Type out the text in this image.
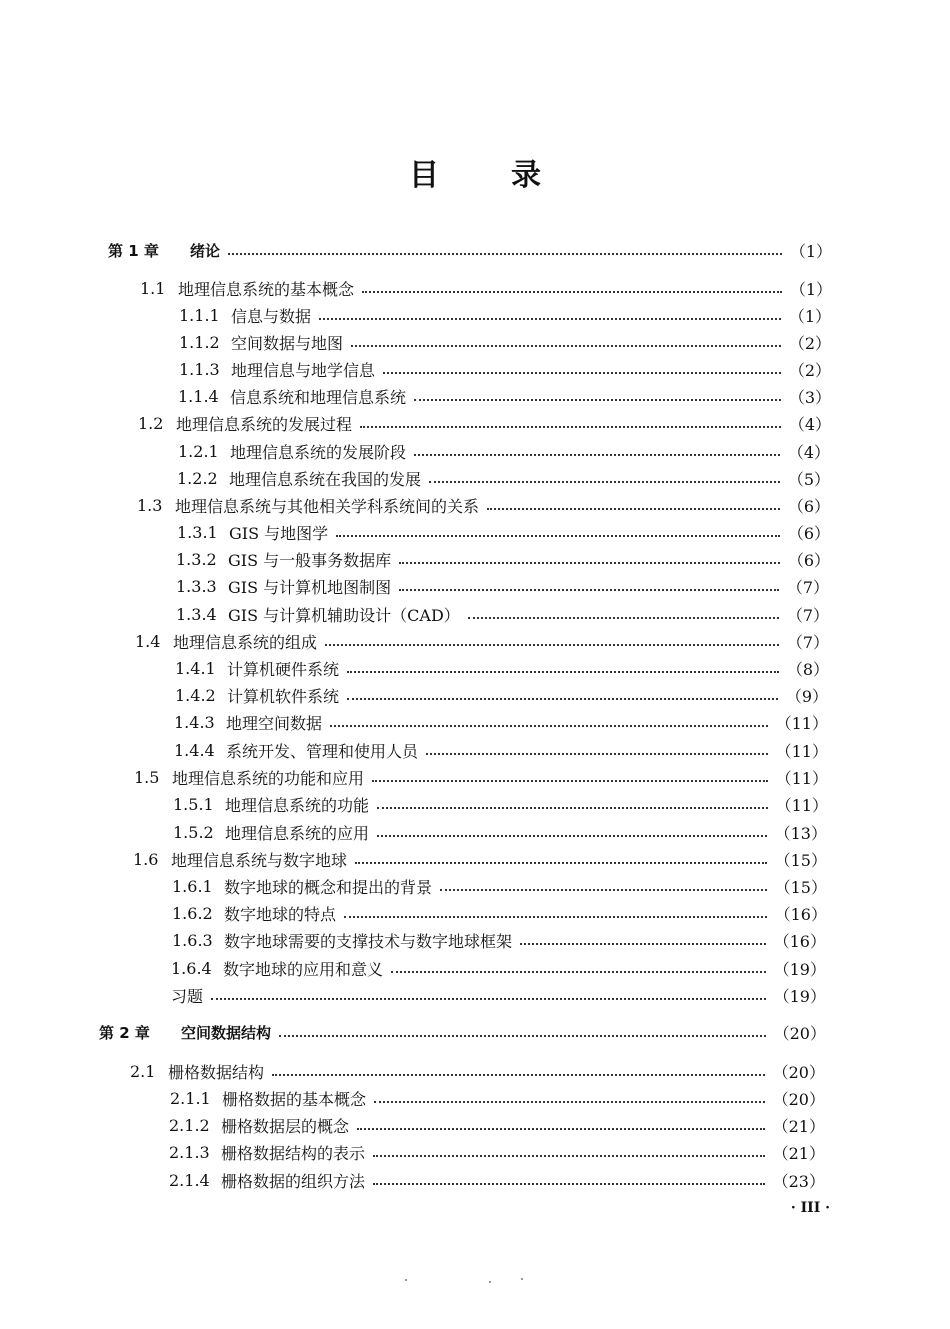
目 录
第 1 章	绪论	（1）
1.1 地理信息系统的基本概念	（1）
1.1.1 信息与数据	（1）
1.1.2 空间数据与地图	（2）
1.1.3 地理信息与地学信息	（2）
1.1.4 信息系统和地理信息系统	（3）
1.2 地理信息系统的发展过程	（4）
1.2.1 地理信息系统的发展阶段	（4）
1.2.2 地理信息系统在我国的发展	（5）
1.3 地理信息系统与其他相关学科系统间的关系	（6）
1.3.1 GIS 与地图学	（6）
1.3.2 GIS 与一般事务数据库	（6）
1.3.3 GIS 与计算机地图制图	（7）
1.3.4 GIS 与计算机辅助设计（CAD）	（7）
1.4 地理信息系统的组成	（7）
1.4.1 计算机硬件系统	（8）
1.4.2 计算机软件系统	（9）
1.4.3 地理空间数据	（11）
1.4.4 系统开发、管理和使用人员	（11）
1.5 地理信息系统的功能和应用	（11）
1.5.1 地理信息系统的功能	（11）
1.5.2 地理信息系统的应用	（13）
1.6 地理信息系统与数字地球	（15）
1.6.1 数字地球的概念和提出的背景	（15）
1.6.2 数字地球的特点	（16）
1.6.3 数字地球需要的支撑技术与数字地球框架	（16）
1.6.4 数字地球的应用和意义	（19）
习题	（19）
第 2 章	空间数据结构	（20）
2.1 栅格数据结构	（20）
2.1.1 栅格数据的基本概念	（20）
2.1.2 栅格数据层的概念	（21）
2.1.3 栅格数据结构的表示	（21）
2.1.4 栅格数据的组织方法	（23）
· III ·
